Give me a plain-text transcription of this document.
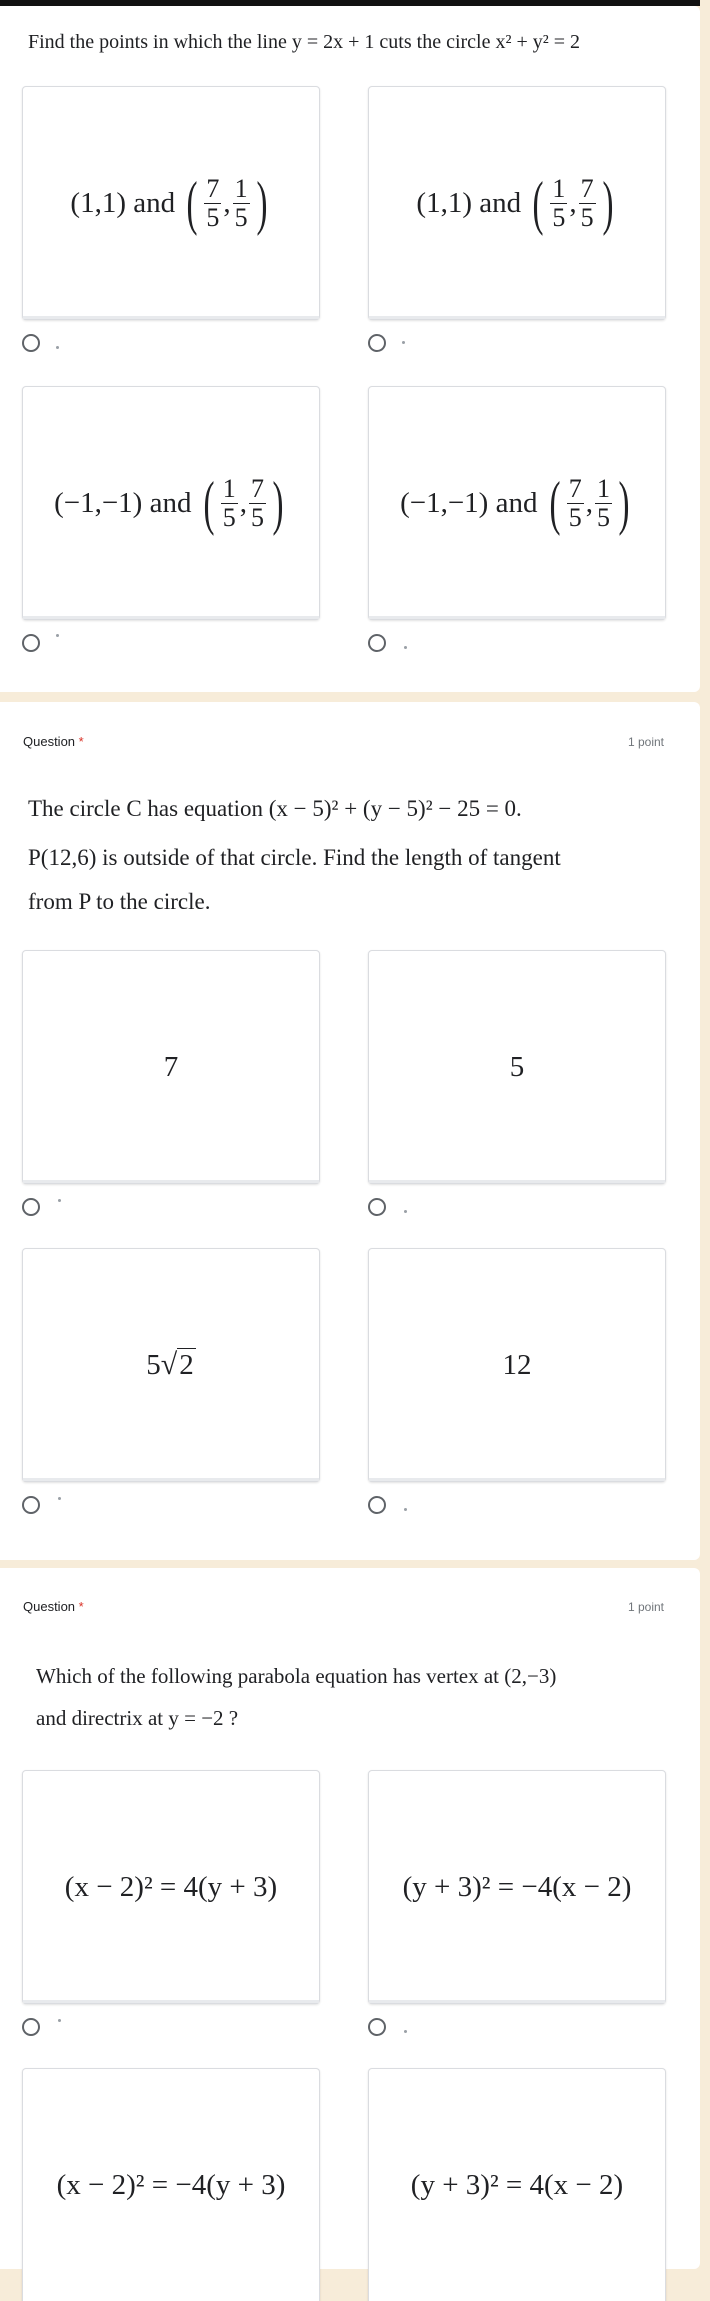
Find the points in which the line y = 2x + 1 cuts the circle x² + y² = 2
(1,1)
and
( $\frac{7}{5}$ , $\frac{1}{5}$ )	(1,1)
and
( $\frac{1}{5}$ , $\frac{7}{5}$ )
(−1,−1)
and
( $\frac{1}{5}$ , $\frac{7}{5}$ )	(−1,−1)
and
( $\frac{7}{5}$ , $\frac{1}{5}$ )
Question *	1 point
The circle C has equation (x − 5)² + (y − 5)² − 25 = 0.
P(12,6) is outside of that circle. Find the length of tangent
from P to the circle.
7	5
5 √2	12
Question *	1 point
Which of the following parabola equation has vertex at (2,−3)
and directrix at y = −2 ?
(x − 2)² = 4(y + 3)	(y + 3)² = −4(x − 2)
(x − 2)² = −4(y + 3)	(y + 3)² = 4(x − 2)
